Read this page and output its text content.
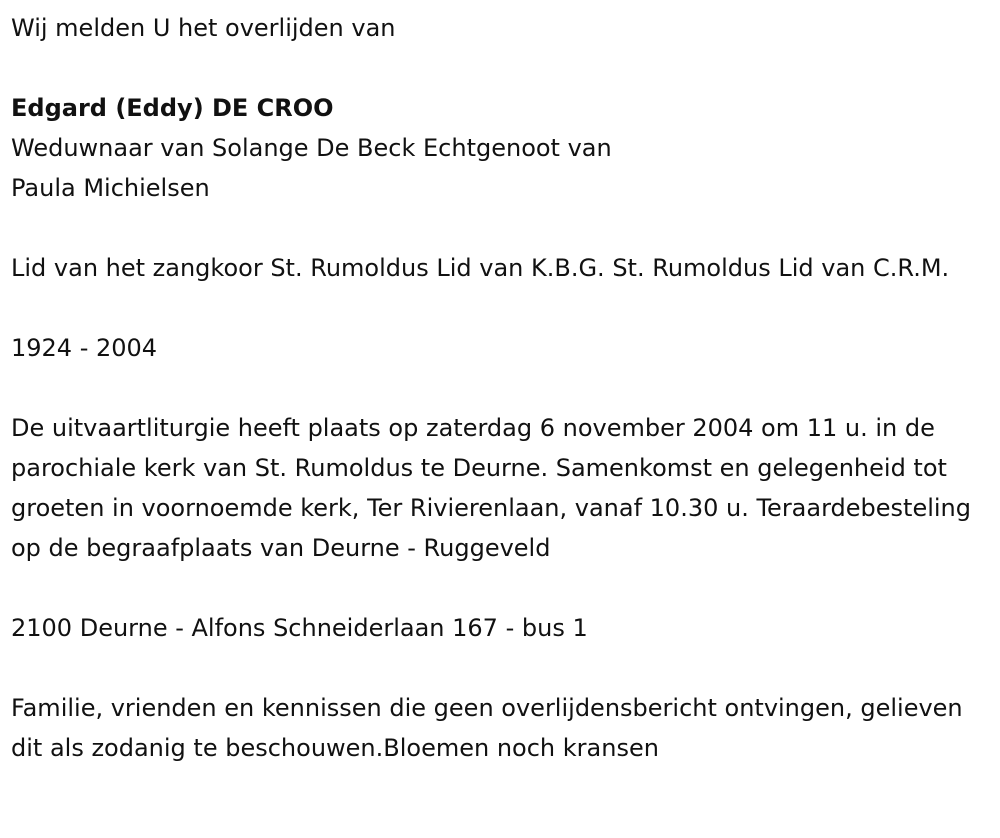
Wij melden U het overlijden van
Edgard (Eddy) DE CROO
Weduwnaar van Solange De Beck Echtgenoot van
Paula Michielsen

Lid van het zangkoor St. Rumoldus Lid van K.B.G. St. Rumoldus Lid van C.R.M.

1924 - 2004

De uitvaartliturgie heeft plaats op zaterdag 6 november 2004 om 11 u. in de parochiale kerk van St. Rumoldus te Deurne. Samenkomst en gelegenheid tot groeten in voornoemde kerk, Ter Rivierenlaan, vanaf 10.30 u. Teraardebesteling op de begraafplaats van Deurne - Ruggeveld

2100 Deurne - Alfons Schneiderlaan 167 - bus 1

Familie, vrienden en kennissen die geen overlijdensbericht ontvingen, gelieven dit als zodanig te beschouwen.Bloemen noch kransen
